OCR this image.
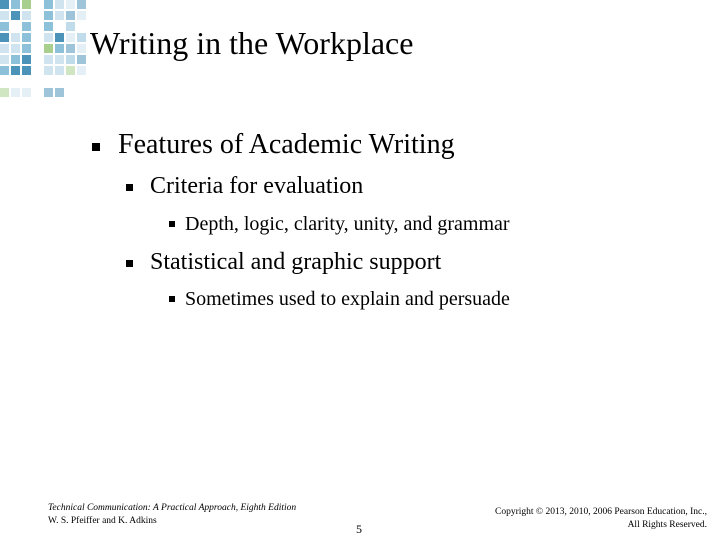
Writing in the Workplace
Features of Academic Writing
Criteria for evaluation
Depth, logic, clarity, unity, and grammar
Statistical and graphic support
Sometimes used to explain and persuade
Technical Communication: A Practical Approach, Eighth Edition
W. S. Pfeiffer and K. Adkins
5
Copyright © 2013, 2010, 2006 Pearson Education, Inc.,
All Rights Reserved.
